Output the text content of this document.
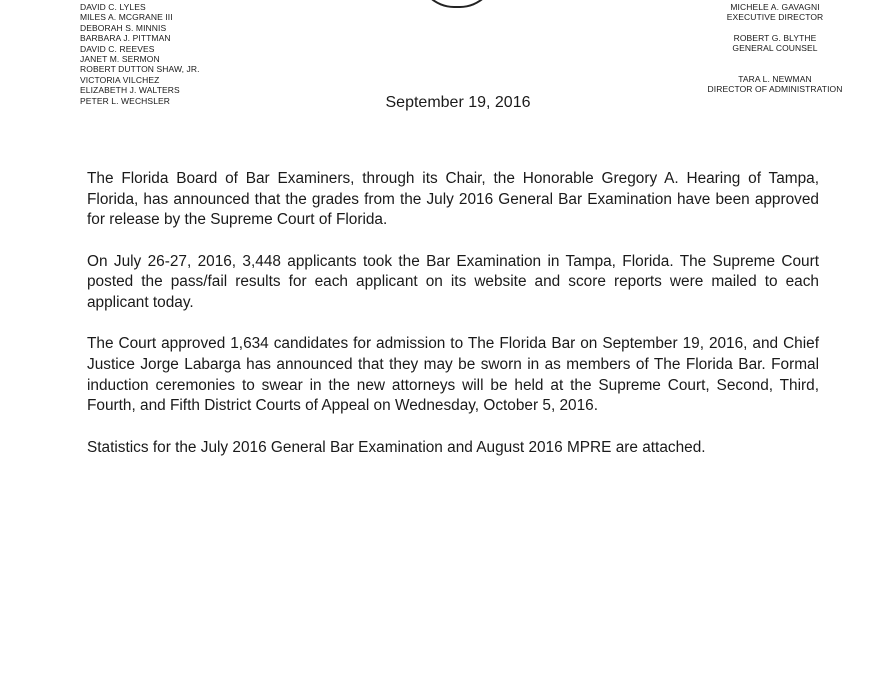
DAVID C. LYLES
MILES A. MCGRANE III
DEBORAH S. MINNIS
BARBARA J. PITTMAN
DAVID C. REEVES
JANET M. SERMON
ROBERT DUTTON SHAW, JR.
VICTORIA VILCHEZ
ELIZABETH J. WALTERS
PETER L. WECHSLER
MICHELE A. GAVAGNI
EXECUTIVE DIRECTOR
ROBERT G. BLYTHE
GENERAL COUNSEL
TARA L. NEWMAN
DIRECTOR OF ADMINISTRATION
September 19, 2016

The Florida Board of Bar Examiners, through its Chair, the Honorable Gregory A. Hearing of Tampa, Florida, has announced that the grades from the July 2016 General Bar Examination have been approved for release by the Supreme Court of Florida.

On July 26-27, 2016, 3,448 applicants took the Bar Examination in Tampa, Florida. The Supreme Court posted the pass/fail results for each applicant on its website and score reports were mailed to each applicant today.

The Court approved 1,634 candidates for admission to The Florida Bar on September 19, 2016, and Chief Justice Jorge Labarga has announced that they may be sworn in as members of The Florida Bar. Formal induction ceremonies to swear in the new attorneys will be held at the Supreme Court, Second, Third, Fourth, and Fifth District Courts of Appeal on Wednesday, October 5, 2016.

Statistics for the July 2016 General Bar Examination and August 2016 MPRE are attached.
